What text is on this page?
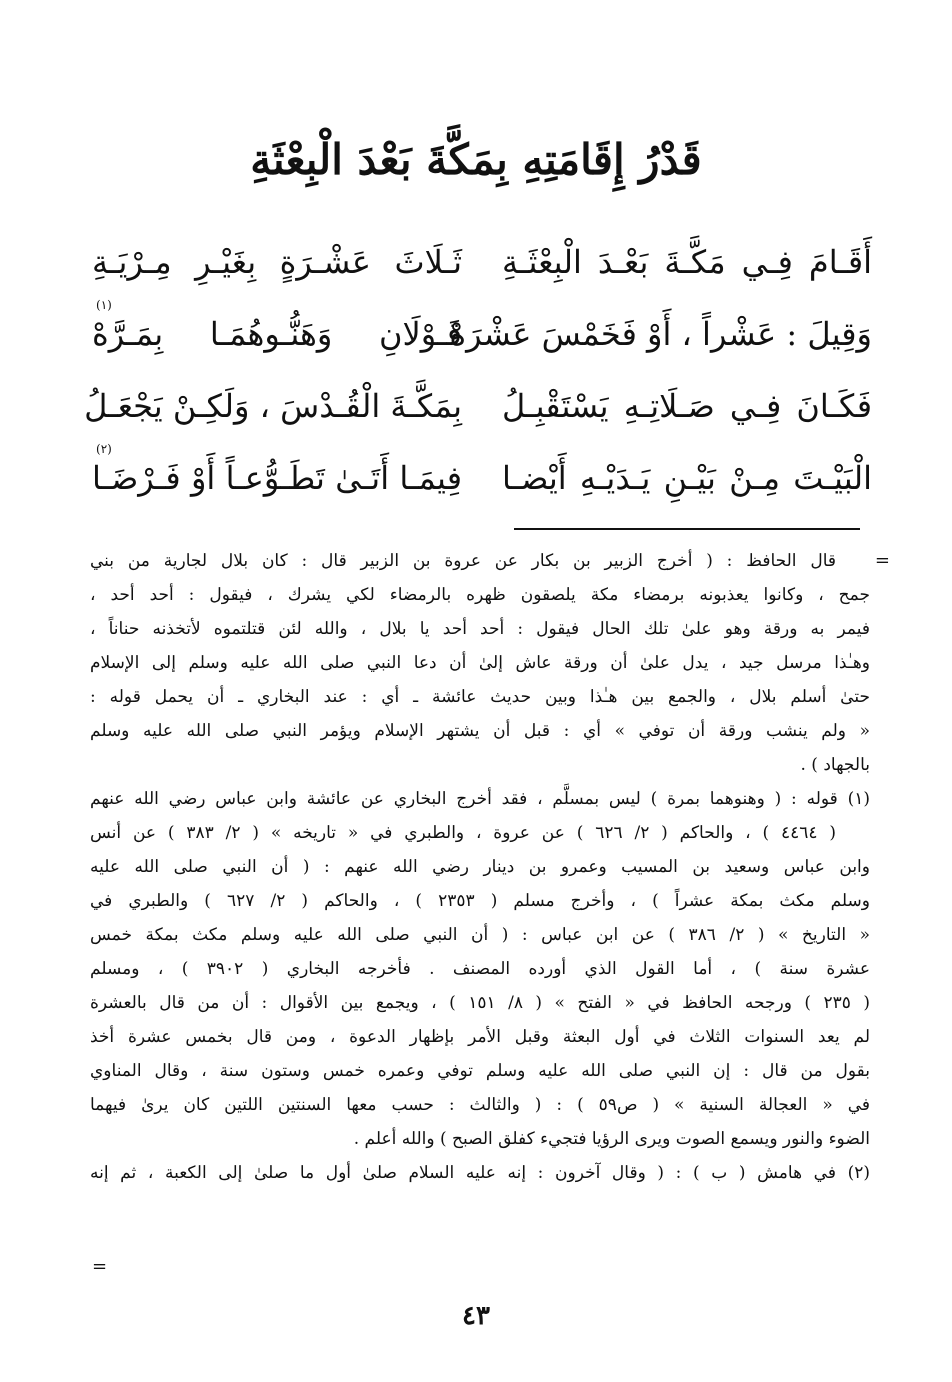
قَدْرُ إِقَامَتِهِ بِمَكَّةَ بَعْدَ الْبِعْثَةِ
أَقَـامَ فِـي مَكَّـةَ بَعْـدَ الْبِعْثَـةِ
ثَـلَاثَ عَشْـرَةٍ بِغَيْـرِ مِـرْيَـةِ
وَقِيلَ : عَشْراً ، أَوْ فَخَمْسَ عَشْرَهْ
قَـوْلَانِ وَهَنُّـوهُمَـا بِمَـرَّهْ
(١)
فَكَـانَ فِـي صَـلَاتِـهِ يَسْتَقْبِـلُ
بِمَكَّـةَ الْقُـدْسَ ، وَلَكِـنْ يَجْعَـلُ
الْبَيْـتَ مِـنْ بَيْـنِ يَـدَيْـهِ أَيْضـا
فِيمَـا أَتَـىٰ تَطَـوُّعـاً أَوْ فَـرْضَـا
(٢)
=
قال الحافظ : ( أخرج الزبير بن بكار عن عروة بن الزبير قال : كان بلال لجارية من بني
جمح ، وكانوا يعذبونه برمضاء مكة يلصقون ظهره بالرمضاء لكي يشرك ، فيقول : أحد أحد ،
فيمر به ورقة وهو علىٰ تلك الحال فيقول : أحد أحد يا بلال ، والله لئن قتلتموه لأتخذنه حناناً ،
وهـٰذا مرسل جيد ، يدل علىٰ أن ورقة عاش إلىٰ أن دعا النبي صلى الله عليه وسلم إلى الإسلام
حتىٰ أسلم بلال ، والجمع بين هـٰذا وبين حديث عائشة ـ أي : عند البخاري ـ أن يحمل قوله :
« ولم ينشب ورقة أن توفي » أي : قبل أن يشتهر الإسلام ويؤمر النبي صلى الله عليه وسلم
بالجهاد ) .
(١) قوله : ( وهنوهما بمرة ) ليس بمسلَّم ، فقد أخرج البخاري عن عائشة وابن عباس رضي الله عنهم
( ٤٤٦٤ ) ، والحاكم ( ٢/ ٦٢٦ ) عن عروة ، والطبري في « تاريخه » ( ٢/ ٣٨٣ ) عن أنس
وابن عباس وسعيد بن المسيب وعمرو بن دينار رضي الله عنهم : ( أن النبي صلى الله عليه
وسلم مكث بمكة عشراً ) ، وأخرج مسلم ( ٢٣٥٣ ) ، والحاكم ( ٢/ ٦٢٧ ) والطبري في
« التاريخ » ( ٢/ ٣٨٦ ) عن ابن عباس : ( أن النبي صلى الله عليه وسلم مكث بمكة خمس
عشرة سنة ) ، أما القول الذي أورده المصنف . فأخرجه البخاري ( ٣٩٠٢ ) ، ومسلم
( ٢٣٥ ) ورجحه الحافظ في « الفتح » ( ٨/ ١٥١ ) ، ويجمع بين الأقوال : أن من قال بالعشرة
لم يعد السنوات الثلاث في أول البعثة وقبل الأمر بإظهار الدعوة ، ومن قال بخمس عشرة أخذ
بقول من قال : إن النبي صلى الله عليه وسلم توفي وعمره خمس وستون سنة ، وقال المناوي
في « العجالة السنية » ( ص٥٩ ) : ( والثالث : حسب معها السنتين اللتين كان يرىٰ فيهما
الضوء والنور ويسمع الصوت ويرى الرؤيا فتجيء كفلق الصبح ) والله أعلم .
(٢) في هامش ( ب ) : ( وقال آخرون : إنه عليه السلام صلىٰ أول ما صلىٰ إلى الكعبة ، ثم إنه
=
٤٣
